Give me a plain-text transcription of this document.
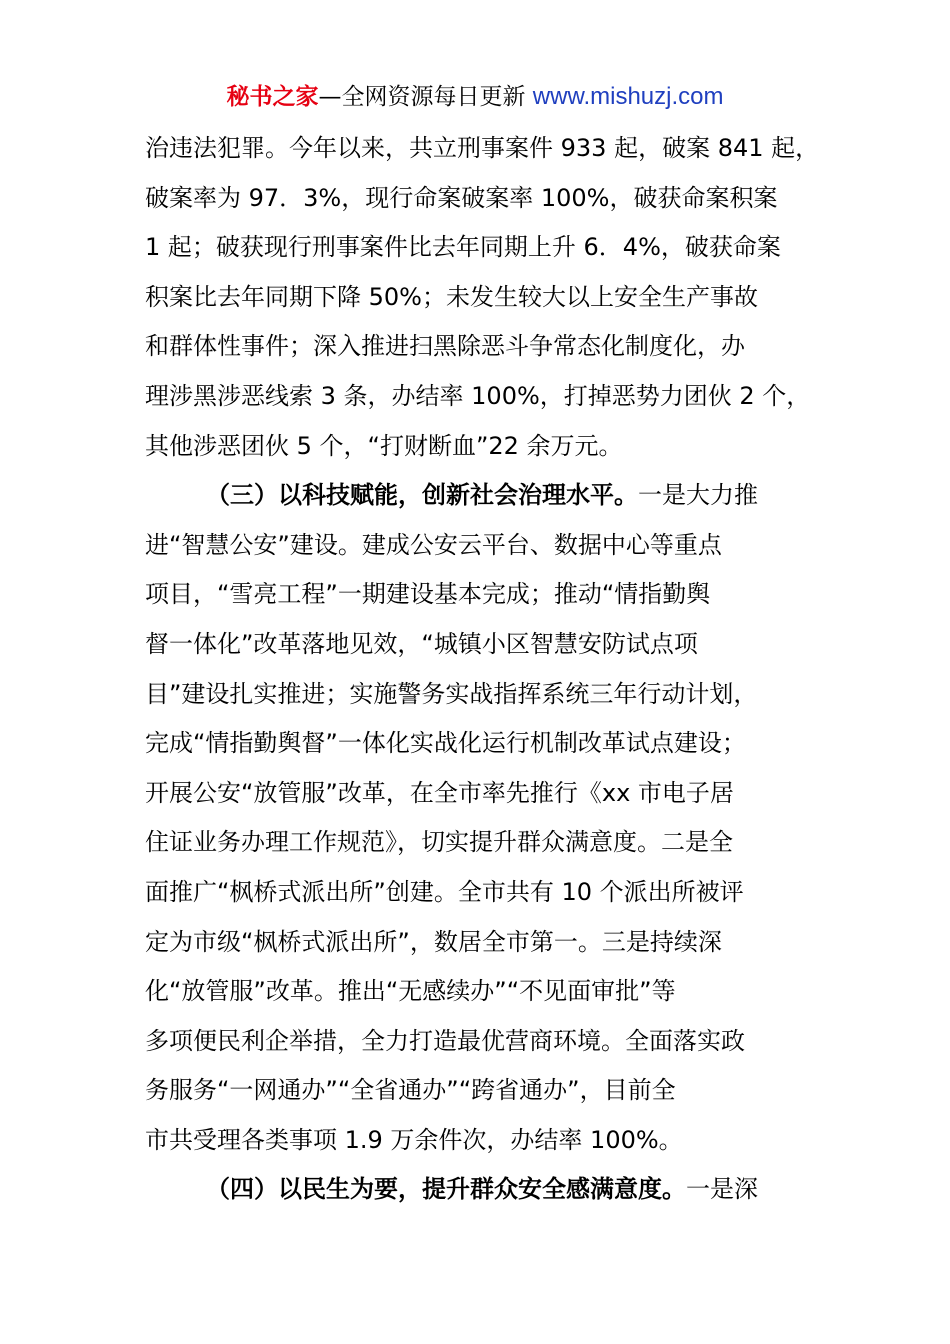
秘书之家—全网资源每日更新 www.mishuzj.com
治违法犯罪。今年以来，共立刑事案件 933 起，破案 841 起，
破案率为 97．3%，现行命案破案率 100%，破获命案积案
1 起；破获现行刑事案件比去年同期上升 6．4%，破获命案
积案比去年同期下降 50%；未发生较大以上安全生产事故
和群体性事件；深入推进扫黑除恶斗争常态化制度化，办
理涉黑涉恶线索 3 条，办结率 100%，打掉恶势力团伙 2 个，
其他涉恶团伙 5 个，“打财断血”22 余万元。
（三）以科技赋能，创新社会治理水平。一是大力推
进“智慧公安”建设。建成公安云平台、数据中心等重点
项目，“雪亮工程”一期建设基本完成；推动“情指勤舆
督一体化”改革落地见效，“城镇小区智慧安防试点项
目”建设扎实推进；实施警务实战指挥系统三年行动计划，
完成“情指勤舆督”一体化实战化运行机制改革试点建设；
开展公安“放管服”改革，在全市率先推行《xx 市电子居
住证业务办理工作规范》，切实提升群众满意度。二是全
面推广“枫桥式派出所”创建。全市共有 10 个派出所被评
定为市级“枫桥式派出所”，数居全市第一。三是持续深
化“放管服”改革。推出“无感续办”“不见面审批”等
多项便民利企举措，全力打造最优营商环境。全面落实政
务服务“一网通办”“全省通办”“跨省通办”，目前全
市共受理各类事项 1.9 万余件次，办结率 100%。
（四）以民生为要，提升群众安全感满意度。一是深
